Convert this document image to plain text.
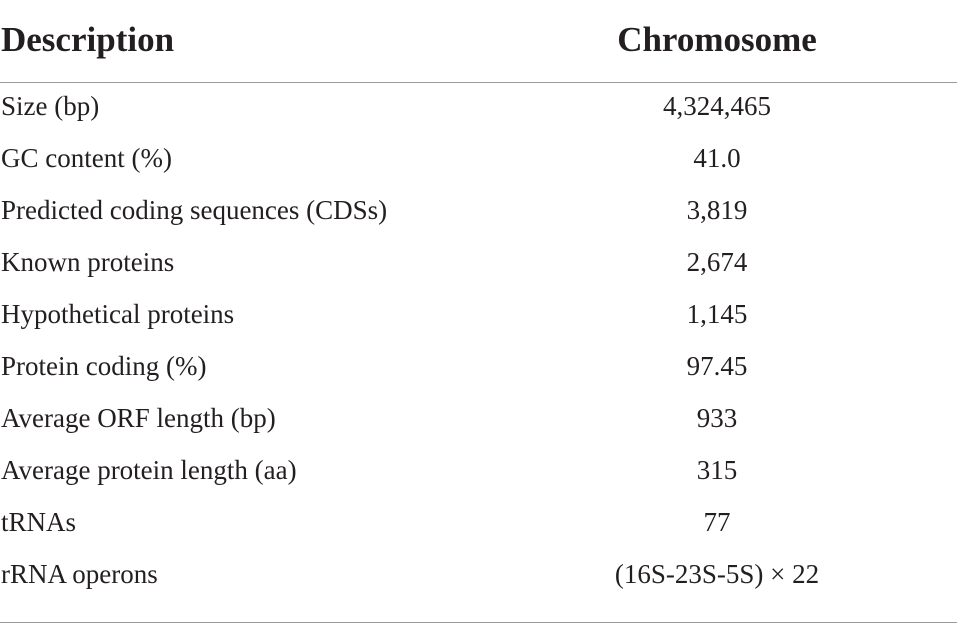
Description	Chromosome
Size (bp)	4,324,465
GC content (%)	41.0
Predicted coding sequences (CDSs)	3,819
Known proteins	2,674
Hypothetical proteins	1,145
Protein coding (%)	97.45
Average ORF length (bp)	933
Average protein length (aa)	315
tRNAs	77
rRNA operons	(16S-23S-5S) × 22
